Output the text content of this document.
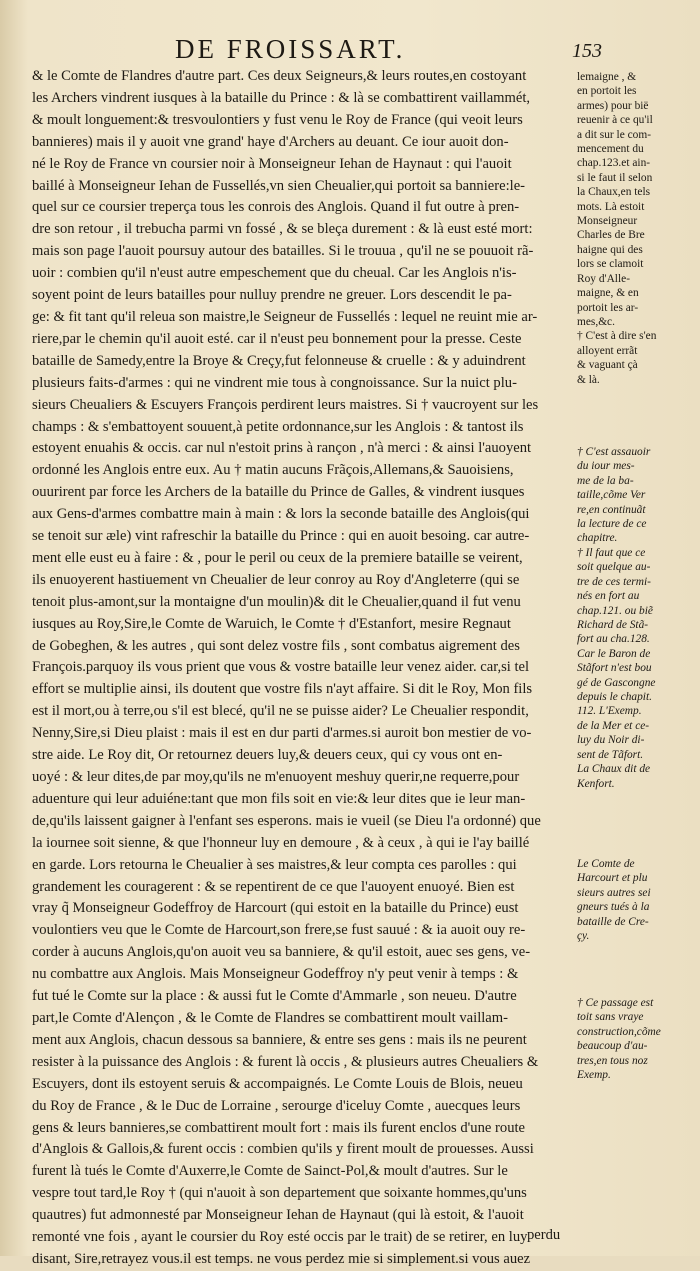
DE FROISSART.	153
& le Comte de Flandres d'autre part. Ces deux Seigneurs,& leurs routes,en costoyant
les Archers vindrent iusques à la bataille du Prince : & là se combattirent vaillammét,
& moult longuement:& tresvoulontiers y fust venu le Roy de France (qui veoit leurs
bannieres) mais il y auoit vne grand' haye d'Archers au deuant. Ce iour auoit don-
né le Roy de France vn coursier noir à Monseigneur Iehan de Haynaut : qui l'auoit
baillé à Monseigneur Iehan de Fussellés,vn sien Cheualier,qui portoit sa banniere:le-
quel sur ce coursier treperça tous les conrois des Anglois. Quand il fut outre à pren-
dre son retour , il trebucha parmi vn fossé , & se bleça durement : & là eust esté mort:
mais son page l'auoit poursuy autour des batailles. Si le trouua , qu'il ne se pouuoit rã-
uoir : combien qu'il n'eust autre empeschement que du cheual. Car les Anglois n'is-
soyent point de leurs batailles pour nulluy prendre ne greuer. Lors descendit le pa-
ge: & fit tant qu'il releua son maistre,le Seigneur de Fussellés : lequel ne reuint mie ar-
riere,par le chemin qu'il auoit esté. car il n'eust peu bonnement pour la presse. Ceste
bataille de Samedy,entre la Broye & Creçy,fut felonneuse & cruelle : & y aduindrent
plusieurs faits-d'armes : qui ne vindrent mie tous à congnoissance. Sur la nuict plu-
sieurs Cheualiers & Escuyers François perdirent leurs maistres. Si † vaucroyent sur les
champs : & s'embattoyent souuent,à petite ordonnance,sur les Anglois : & tantost ils
estoyent enuahis & occis. car nul n'estoit prins à rançon , n'à merci : & ainsi l'auoyent
ordonné les Anglois entre eux. Au † matin aucuns Frãçois,Allemans,& Sauoisiens,
ouurirent par force les Archers de la bataille du Prince de Galles, & vindrent iusques
aux Gens-d'armes combattre main à main : & lors la seconde bataille des Anglois(qui
se tenoit sur æle) vint rafreschir la bataille du Prince : qui en auoit besoing. car autre-
ment elle eust eu à faire : & , pour le peril ou ceux de la premiere bataille se veirent,
ils enuoyerent hastiuement vn Cheualier de leur conroy au Roy d'Angleterre (qui se
tenoit plus-amont,sur la montaigne d'un moulin)& dit le Cheualier,quand il fut venu
iusques au Roy,Sire,le Comte de Waruich, le Comte † d'Estanfort, mesire Regnaut
de Gobeghen, & les autres , qui sont delez vostre fils , sont combatus aigrement des
François.parquoy ils vous prient que vous & vostre bataille leur venez aider. car,si tel
effort se multiplie ainsi, ils doutent que vostre fils n'ayt affaire. Si dit le Roy, Mon fils
est il mort,ou à terre,ou s'il est blecé, qu'il ne se puisse aider? Le Cheualier respondit,
Nenny,Sire,si Dieu plaist : mais il est en dur parti d'armes.si auroit bon mestier de vo-
stre aide. Le Roy dit, Or retournez deuers luy,& deuers ceux, qui cy vous ont en-
uoyé : & leur dites,de par moy,qu'ils ne m'enuoyent meshuy querir,ne requerre,pour
aduenture qui leur aduiéne:tant que mon fils soit en vie:& leur dites que ie leur man-
de,qu'ils laissent gaigner à l'enfant ses esperons. mais ie vueil (se Dieu l'a ordonné) que
la iournee soit sienne, & que l'honneur luy en demoure , & à ceux , à qui ie l'ay baillé
en garde. Lors retourna le Cheualier à ses maistres,& leur compta ces parolles : qui
grandement les couragerent : & se repentirent de ce que l'auoyent enuoyé. Bien est
vray q̃ Monseigneur Godeffroy de Harcourt (qui estoit en la bataille du Prince) eust
voulontiers veu que le Comte de Harcourt,son frere,se fust sauué : & ia auoit ouy re-
corder à aucuns Anglois,qu'on auoit veu sa banniere, & qu'il estoit, auec ses gens, ve-
nu combattre aux Anglois. Mais Monseigneur Godeffroy n'y peut venir à temps : &
fut tué le Comte sur la place : & aussi fut le Comte d'Ammarle , son neueu. D'autre
part,le Comte d'Alençon , & le Comte de Flandres se combattirent moult vaillam-
ment aux Anglois, chacun dessous sa banniere, & entre ses gens : mais ils ne peurent
resister à la puissance des Anglois : & furent là occis , & plusieurs autres Cheualiers &
Escuyers, dont ils estoyent seruis & accompaignés. Le Comte Louis de Blois, neueu
du Roy de France , & le Duc de Lorraine , serourge d'iceluy Comte , auecques leurs
gens & leurs bannieres,se combattirent moult fort : mais ils furent enclos d'une route
d'Anglois & Gallois,& furent occis : combien qu'ils y firent moult de prouesses. Aussi
furent là tués le Comte d'Auxerre,le Comte de Sainct-Pol,& moult d'autres. Sur le
vespre tout tard,le Roy † (qui n'auoit à son departement que soixante hommes,qu'uns
quautres) fut admonnesté par Monseigneur Iehan de Haynaut (qui là estoit, & l'auoit
remonté vne fois , ayant le coursier du Roy esté occis par le trait) de se retirer, en luy
disant, Sire,retrayez vous.il est temps. ne vous perdez mie si simplement.si vous auez
lemaigne , &
en portoit les
armes) pour bië
reuenir à ce qu'il
a dit sur le com-
mencement du
chap.123.et ain-
si le faut il selon
la Chaux,en tels
mots. Là estoit
Monseigneur
Charles de Bre
haigne qui des
lors se clamoit
Roy d'Alle-
maigne, & en
portoit les ar-
mes,&c.
† C'est à dire s'en
alloyent errãt
& vaguant çà
& là.
† C'est assauoir
du iour mes-
me de la ba-
taille,cõme Ver
re,en continuãt
la lecture de ce
chapitre.
† Il faut que ce
soit quelque au-
tre de ces termi-
nés en fort au
chap.121. ou biẽ
Richard de Stã-
fort au cha.128.
Car le Baron de
Stãfort n'est bou
gé de Gascongne
depuis le chapit.
112. L'Exemp.
de la Mer et ce-
luy du Noir di-
sent de Tãfort.
La Chaux dit de
Kenfort.
Le Comte de
Harcourt et plu
sieurs autres sei
gneurs tués à la
bataille de Cre-
çy.
† Ce passage est
toit sans vraye
construction,cõme
beaucoup d'au-
tres,en tous noz
Exemp.
perdu
